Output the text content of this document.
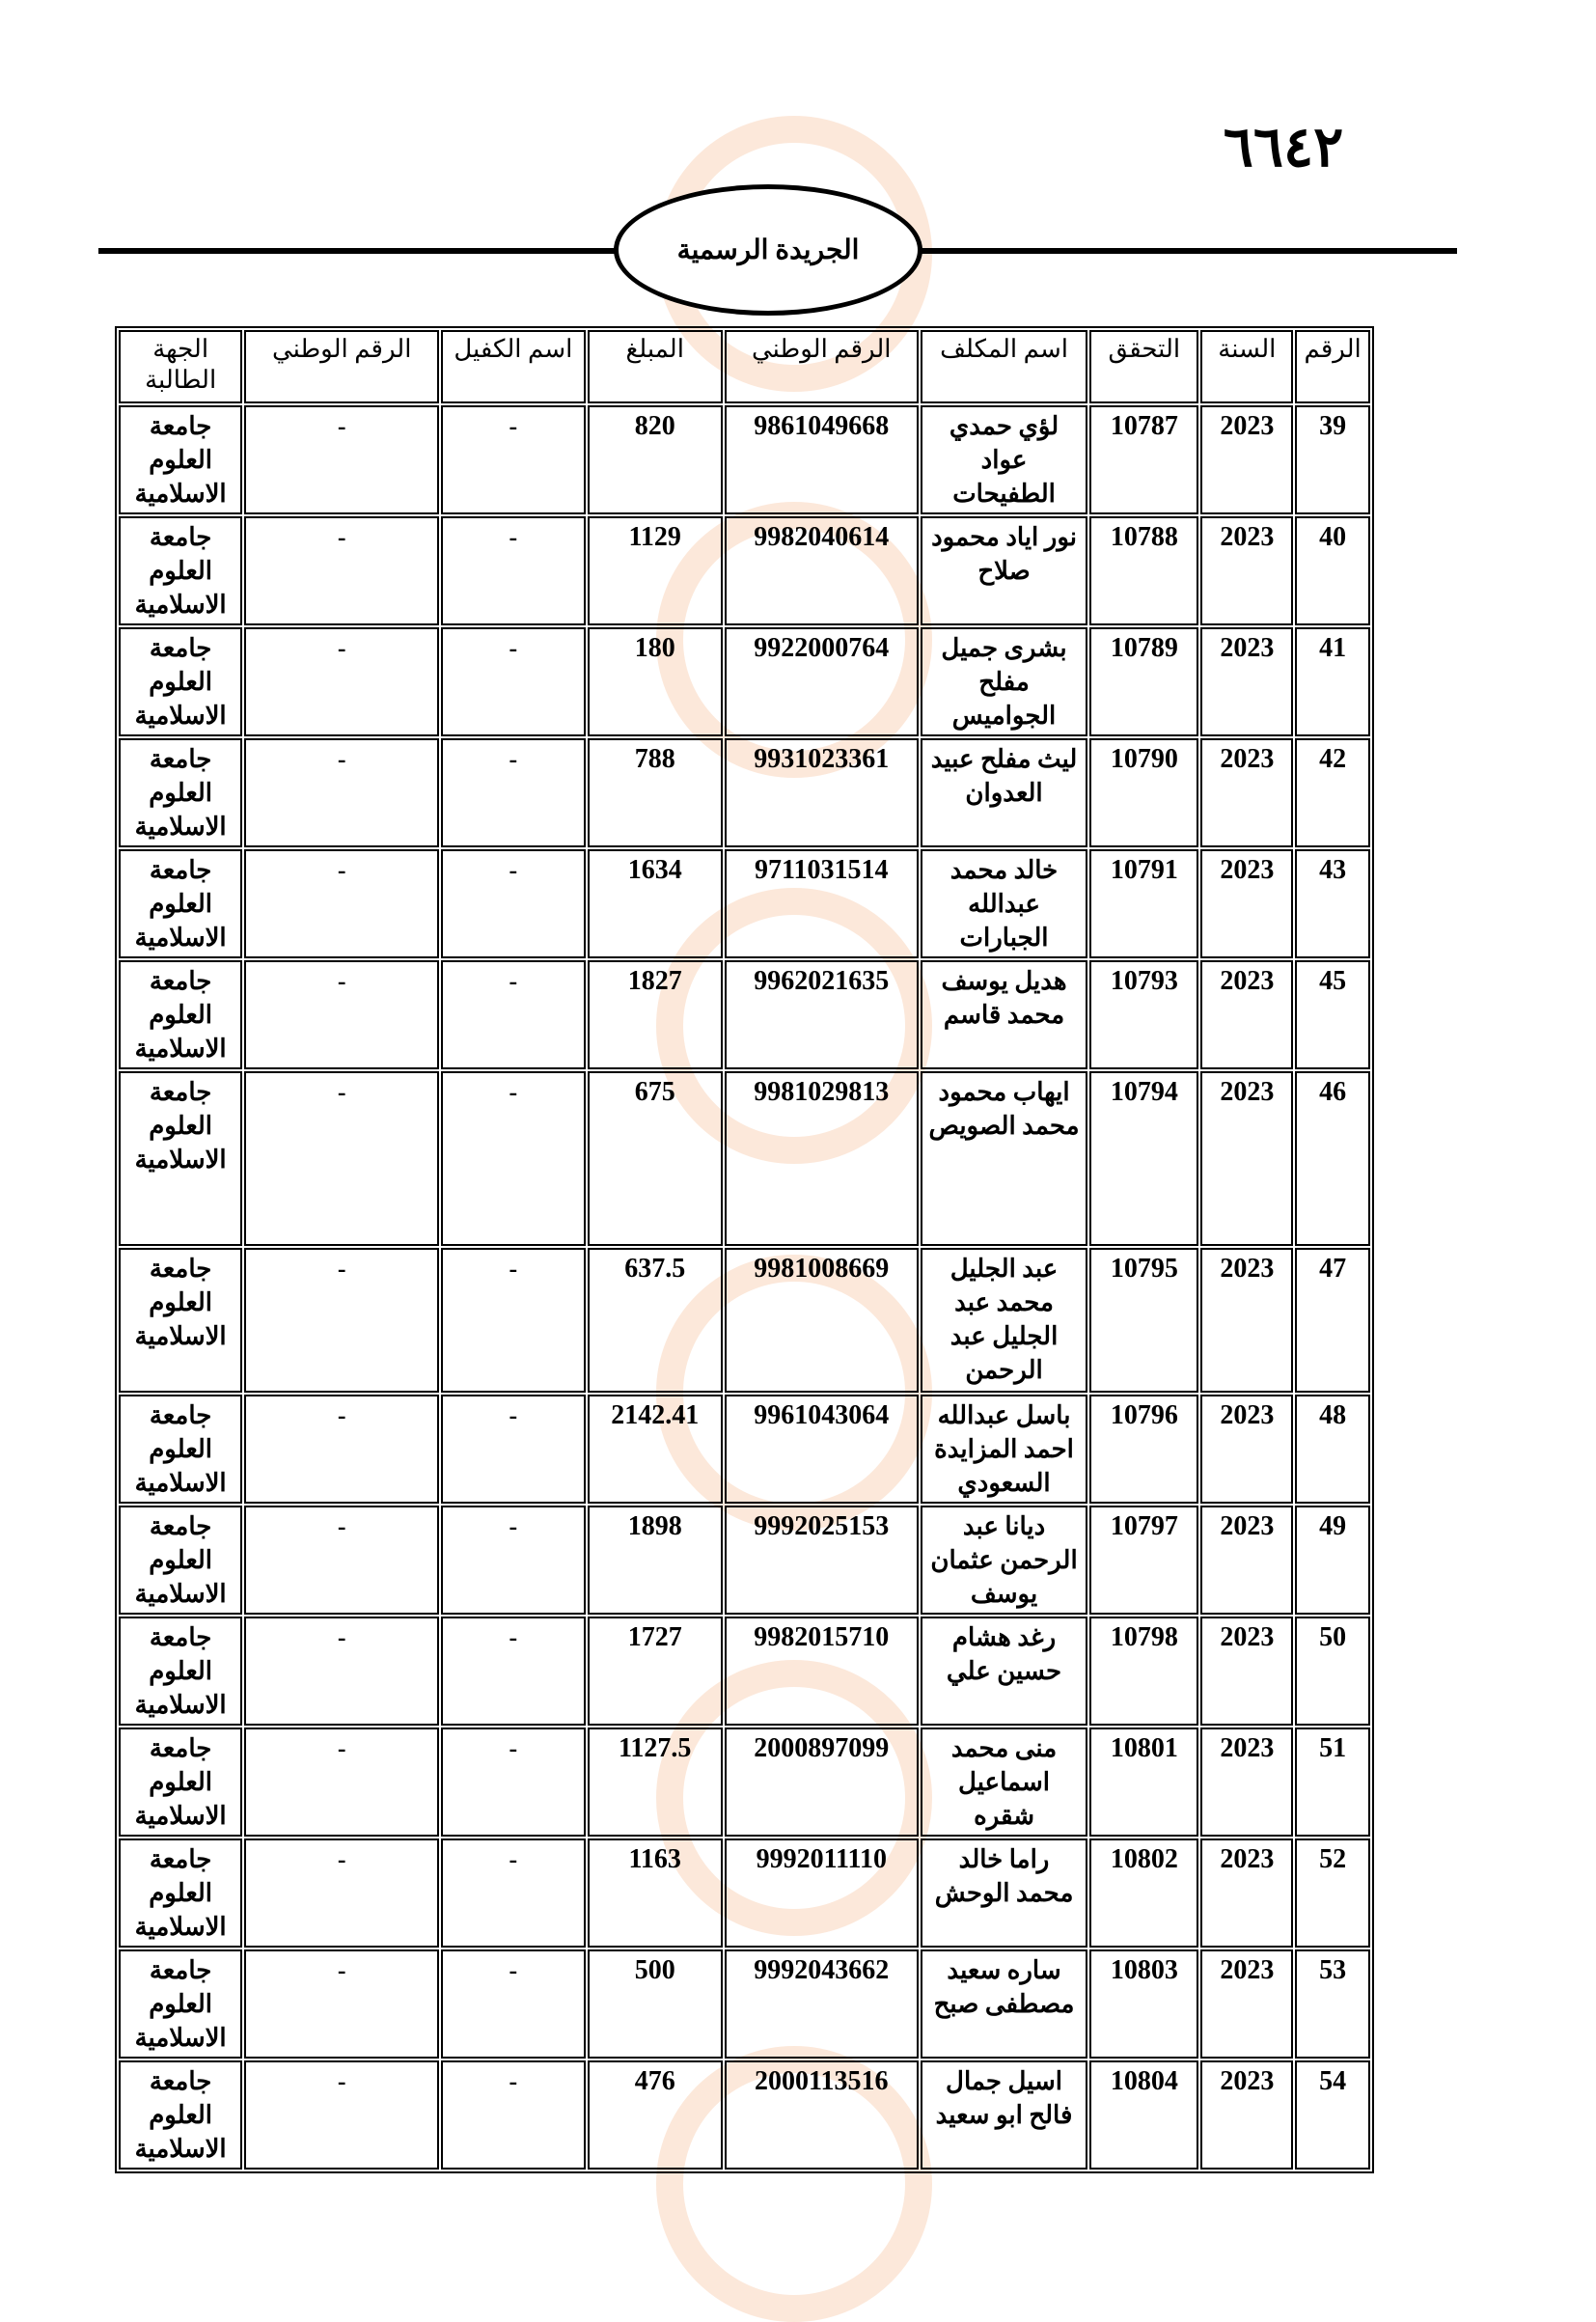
٦٦٤٢
الجريدة الرسمية
الرقم	السنة	التحقق	اسم المكلف	الرقم الوطني	المبلغ	اسم الكفيل	الرقم الوطني	الجهة الطالبة
39	2023	10787	لؤي حمدي عواد الطفيحات	9861049668	820	-	-	جامعة العلوم الاسلامية
40	2023	10788	نور اياد محمود صلاح	9982040614	1129	-	-	جامعة العلوم الاسلامية
41	2023	10789	بشرى جميل مفلح الجواميس	9922000764	180	-	-	جامعة العلوم الاسلامية
42	2023	10790	ليث مفلح عبيد العدوان	9931023361	788	-	-	جامعة العلوم الاسلامية
43	2023	10791	خالد محمد عبدالله الجبارات	9711031514	1634	-	-	جامعة العلوم الاسلامية
45	2023	10793	هديل يوسف محمد قاسم	9962021635	1827	-	-	جامعة العلوم الاسلامية
46	2023	10794	ايهاب محمود محمد الصويص	9981029813	675	-	-	جامعة العلوم الاسلامية
47	2023	10795	عبد الجليل محمد عبد الجليل عبد الرحمن	9981008669	637.5	-	-	جامعة العلوم الاسلامية
48	2023	10796	باسل عبدالله احمد المزايدة السعودي	9961043064	2142.41	-	-	جامعة العلوم الاسلامية
49	2023	10797	ديانا عبد الرحمن عثمان يوسف	9992025153	1898	-	-	جامعة العلوم الاسلامية
50	2023	10798	رغد هشام حسين علي	9982015710	1727	-	-	جامعة العلوم الاسلامية
51	2023	10801	منى محمد اسماعيل شقره	2000897099	1127.5	-	-	جامعة العلوم الاسلامية
52	2023	10802	راما خالد محمد الوحش	9992011110	1163	-	-	جامعة العلوم الاسلامية
53	2023	10803	ساره سعيد مصطفى صبح	9992043662	500	-	-	جامعة العلوم الاسلامية
54	2023	10804	اسيل جمال فالح ابو سعيد	2000113516	476	-	-	جامعة العلوم الاسلامية
